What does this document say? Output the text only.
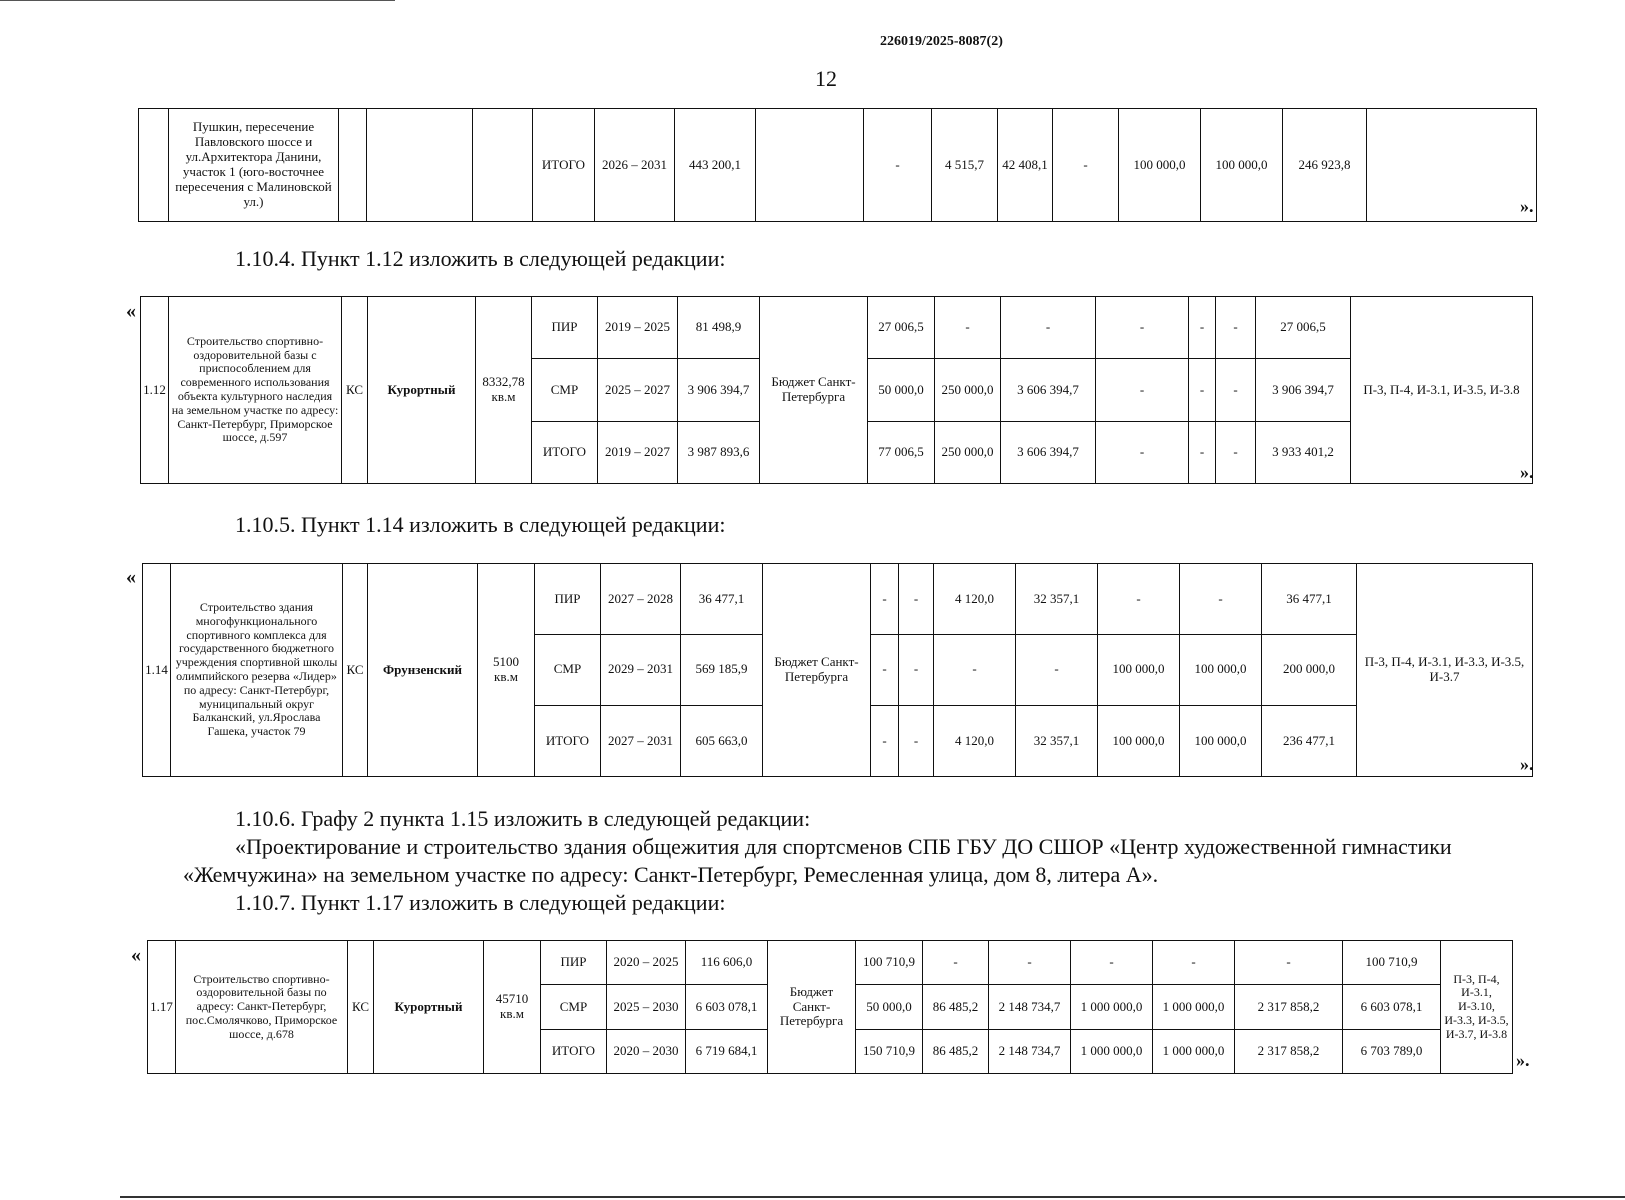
226019/2025-8087(2)
12
	Пушкин, пересечение Павловского шоссе и ул.Архитектора Данини, участок 1 (юго-восточнее пересечения с Малиновской ул.)				ИТОГО	2026 – 2031	443 200,1		-	4 515,7	42 408,1	-	100 000,0	100 000,0	246 923,8	
».
1.10.4. Пункт 1.12 изложить в следующей редакции:
«
1.12	Строительство спортивно-оздоровительной базы с приспособлением для современного использования объекта культурного наследия на земельном участке по адресу: Санкт-Петербург, Приморское шоссе, д.597	КС	Курортный	8332,78 кв.м	ПИР	2019 – 2025	81 498,9	Бюджет Санкт-Петербурга	27 006,5	-	-	-	-	-	27 006,5	П-3, П-4, И-3.1, И-3.5, И-3.8
					СМР	2025 – 2027	3 906 394,7		50 000,0	250 000,0	3 606 394,7	-	-	-	3 906 394,7	
					ИТОГО	2019 – 2027	3 987 893,6		77 006,5	250 000,0	3 606 394,7	-	-	-	3 933 401,2	
».
1.10.5. Пункт 1.14 изложить в следующей редакции:
«
1.14	Строительство здания многофункционального спортивного комплекса для государственного бюджетного учреждения спортивной школы олимпийского резерва «Лидер» по адресу: Санкт-Петербург, муниципальный округ Балканский, ул.Ярослава Гашека, участок 79	КС	Фрунзенский	5100 кв.м	ПИР	2027 – 2028	36 477,1	Бюджет Санкт-Петербурга	-	-	4 120,0	32 357,1	-	-	36 477,1	П-3, П-4, И-3.1, И-3.3, И-3.5, И-3.7
					СМР	2029 – 2031	569 185,9		-	-	-	-	100 000,0	100 000,0	200 000,0	
					ИТОГО	2027 – 2031	605 663,0		-	-	4 120,0	32 357,1	100 000,0	100 000,0	236 477,1	
».
1.10.6. Графу 2 пункта 1.15 изложить в следующей редакции:
«Проектирование и строительство здания общежития для спортсменов СПБ ГБУ ДО СШОР «Центр художественной гимнастики
«Жемчужина» на земельном участке по адресу: Санкт-Петербург, Ремесленная улица, дом 8, литера А».
1.10.7. Пункт 1.17 изложить в следующей редакции:
«
1.17	Строительство спортивно-оздоровительной базы по адресу: Санкт-Петербург, пос.Смолячково, Приморское шоссе, д.678	КС	Курортный	45710 кв.м	ПИР	2020 – 2025	116 606,0	Бюджет Санкт-Петербурга	100 710,9	-	-	-	-	-	100 710,9	П-3, П-4, И-3.1, И-3.10, И-3.3, И-3.5, И-3.7, И-3.8
					СМР	2025 – 2030	6 603 078,1		50 000,0	86 485,2	2 148 734,7	1 000 000,0	1 000 000,0	2 317 858,2	6 603 078,1	
					ИТОГО	2020 – 2030	6 719 684,1		150 710,9	86 485,2	2 148 734,7	1 000 000,0	1 000 000,0	2 317 858,2	6 703 789,0		».
